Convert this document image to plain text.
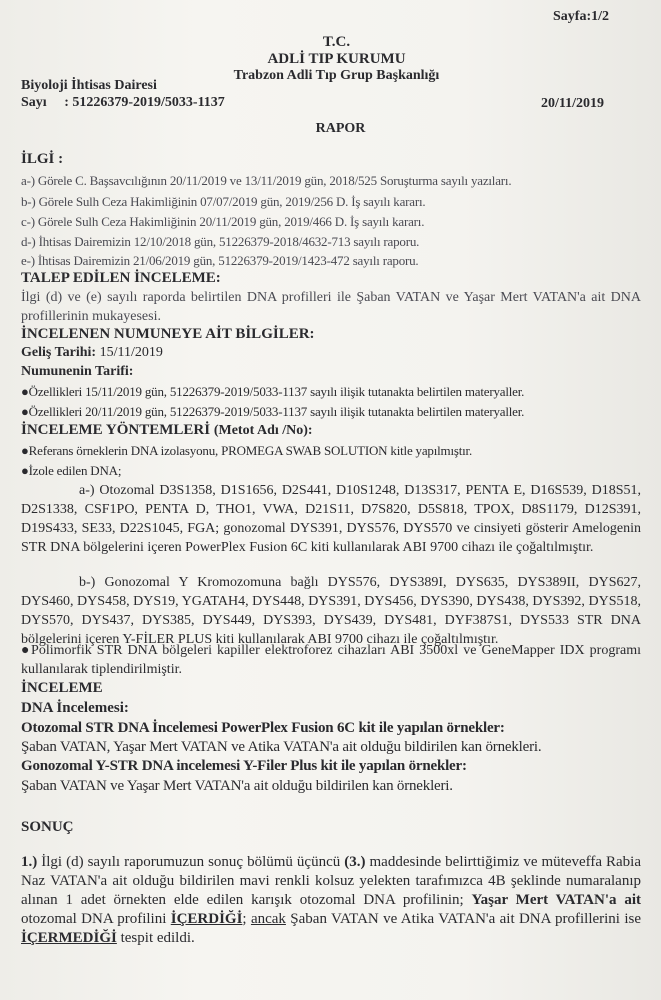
Sayfa:1/2
T.C.
ADLİ TIP KURUMU
Trabzon Adli Tıp Grup Başkanlığı
Biyoloji İhtisas Dairesi
Sayı : 51226379-2019/5033-1137	20/11/2019
RAPOR
İLGİ :
a-) Görele C. Başsavcılığının 20/11/2019 ve 13/11/2019 gün, 2018/525 Soruşturma sayılı yazıları.
b-) Görele Sulh Ceza Hakimliğinin 07/07/2019 gün, 2019/256 D. İş sayılı kararı.
c-) Görele Sulh Ceza Hakimliğinin 20/11/2019 gün, 2019/466 D. İş sayılı kararı.
d-) İhtisas Dairemizin 12/10/2018 gün, 51226379-2018/4632-713 sayılı raporu.
e-) İhtisas Dairemizin 21/06/2019 gün, 51226379-2019/1423-472 sayılı raporu.
TALEP EDİLEN İNCELEME:
İlgi (d) ve (e) sayılı raporda belirtilen DNA profilleri ile Şaban VATAN ve Yaşar Mert VATAN'a ait DNA profillerinin mukayesesi.
İNCELENEN NUMUNEYE AİT BİLGİLER:
Geliş Tarihi: 15/11/2019
Numunenin Tarifi:
●Özellikleri 15/11/2019 gün, 51226379-2019/5033-1137 sayılı ilişik tutanakta belirtilen materyaller.
●Özellikleri 20/11/2019 gün, 51226379-2019/5033-1137 sayılı ilişik tutanakta belirtilen materyaller.
İNCELEME YÖNTEMLERİ (Metot Adı /No):
●Referans örneklerin DNA izolasyonu, PROMEGA SWAB SOLUTION kitle yapılmıştır.
●İzole edilen DNA;
a-) Otozomal D3S1358, D1S1656, D2S441, D10S1248, D13S317, PENTA E, D16S539, D18S51, D2S1338, CSF1PO, PENTA D, THO1, VWA, D21S11, D7S820, D5S818, TPOX, D8S1179, D12S391, D19S433, SE33, D22S1045, FGA; gonozomal DYS391, DYS576, DYS570 ve cinsiyeti gösterir Amelogenin STR DNA bölgelerini içeren PowerPlex Fusion 6C kiti kullanılarak ABI 9700 cihazı ile çoğaltılmıştır.
b-) Gonozomal Y Kromozomuna bağlı DYS576, DYS389I, DYS635, DYS389II, DYS627, DYS460, DYS458, DYS19, YGATAH4, DYS448, DYS391, DYS456, DYS390, DYS438, DYS392, DYS518, DYS570, DYS437, DYS385, DYS449, DYS393, DYS439, DYS481, DYF387S1, DYS533 STR DNA bölgelerini içeren Y-FİLER PLUS kiti kullanılarak ABI 9700 cihazı ile çoğaltılmıştır.
●Polimorfik STR DNA bölgeleri kapiller elektroforez cihazları ABI 3500xl ve GeneMapper IDX programı kullanılarak tiplendirilmiştir.
İNCELEME
DNA İncelemesi:
Otozomal STR DNA İncelemesi PowerPlex Fusion 6C kit ile yapılan örnekler:
Şaban VATAN, Yaşar Mert VATAN ve Atika VATAN'a ait olduğu bildirilen kan örnekleri.
Gonozomal Y-STR DNA incelemesi Y-Filer Plus kit ile yapılan örnekler:
Şaban VATAN ve Yaşar Mert VATAN'a ait olduğu bildirilen kan örnekleri.
SONUÇ
1.) İlgi (d) sayılı raporumuzun sonuç bölümü üçüncü (3.) maddesinde belirttiğimiz ve müteveffa Rabia Naz VATAN'a ait olduğu bildirilen mavi renkli kolsuz yelekten tarafımızca 4B şeklinde numaralanıp alınan 1 adet örnekten elde edilen karışık otozomal DNA profilinin; Yaşar Mert VATAN'a ait otozomal DNA profilini İÇERDİĞİ; ancak Şaban VATAN ve Atika VATAN'a ait DNA profillerini ise İÇERMEDİĞİ tespit edildi.
